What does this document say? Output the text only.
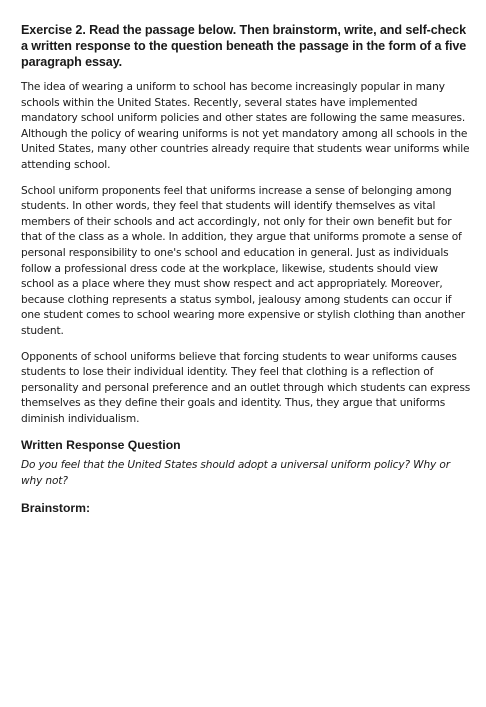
Exercise 2. Read the passage below. Then brainstorm, write, and self-check a written response to the question beneath the passage in the form of a five paragraph essay.

The idea of wearing a uniform to school has become increasingly popular in many schools within the United States. Recently, several states have implemented mandatory school uniform policies and other states are following the same measures. Although the policy of wearing uniforms is not yet mandatory among all schools in the United States, many other countries already require that students wear uniforms while attending school.

School uniform proponents feel that uniforms increase a sense of belonging among students. In other words, they feel that students will identify themselves as vital members of their schools and act accordingly, not only for their own benefit but for that of the class as a whole. In addition, they argue that uniforms promote a sense of personal responsibility to one's school and education in general. Just as individuals follow a professional dress code at the workplace, likewise, students should view school as a place where they must show respect and act appropriately. Moreover, because clothing represents a status symbol, jealousy among students can occur if one student comes to school wearing more expensive or stylish clothing than another student.

Opponents of school uniforms believe that forcing students to wear uniforms causes students to lose their individual identity. They feel that clothing is a reflection of personality and personal preference and an outlet through which students can express themselves as they define their goals and identity. Thus, they argue that uniforms diminish individualism.

Written Response Question

Do you feel that the United States should adopt a universal uniform policy? Why or why not?

Brainstorm:
